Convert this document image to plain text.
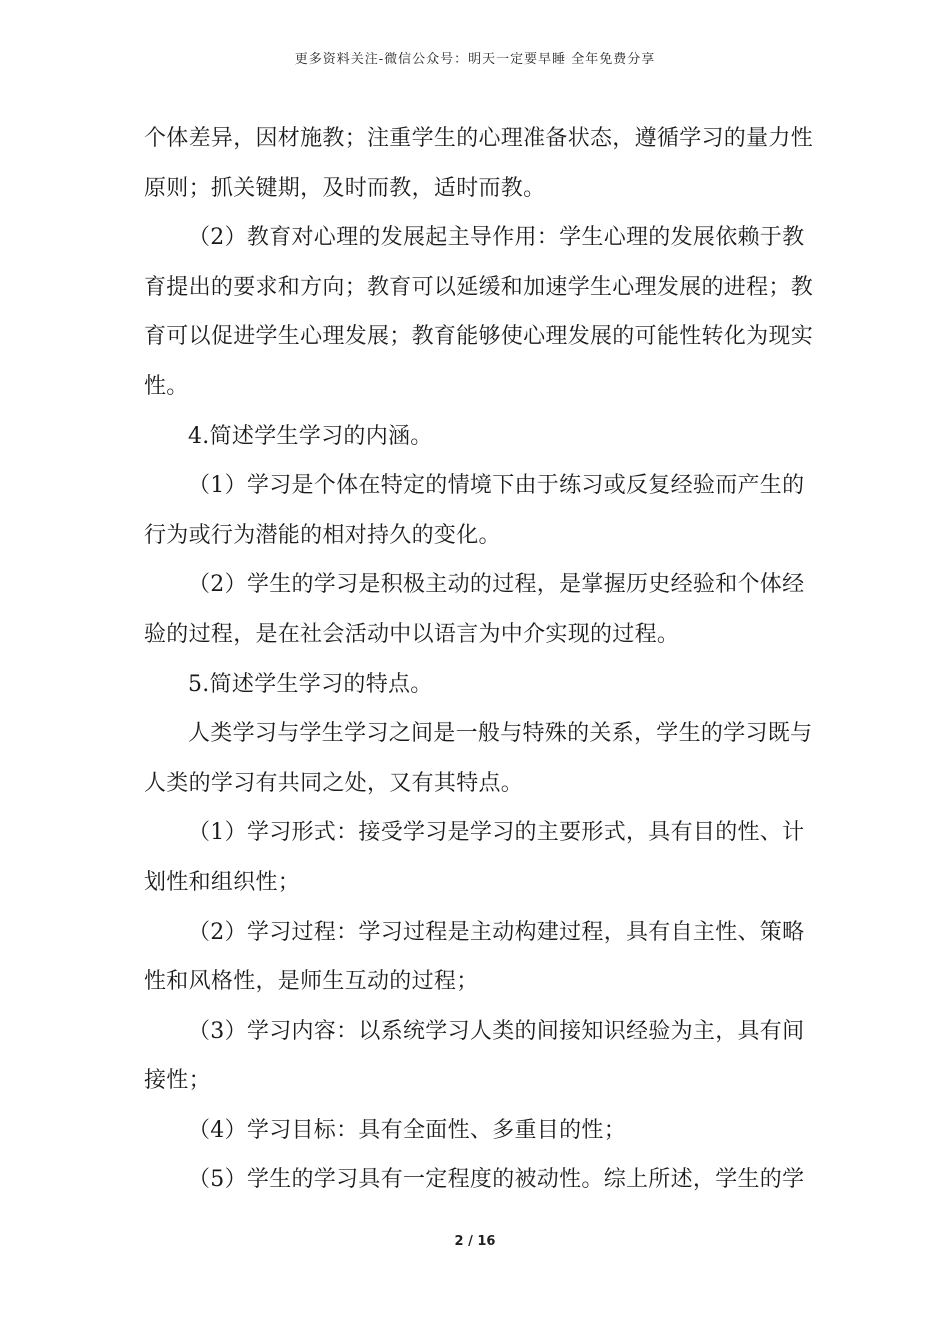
更多资料关注-微信公众号：明天一定要早睡 全年免费分享
个体差异，因材施教；注重学生的心理准备状态，遵循学习的量力性
原则；抓关键期，及时而教，适时而教。
（2）教育对心理的发展起主导作用：学生心理的发展依赖于教
育提出的要求和方向；教育可以延缓和加速学生心理发展的进程；教
育可以促进学生心理发展；教育能够使心理发展的可能性转化为现实
性。
4.简述学生学习的内涵。
（1）学习是个体在特定的情境下由于练习或反复经验而产生的
行为或行为潜能的相对持久的变化。
（2）学生的学习是积极主动的过程，是掌握历史经验和个体经
验的过程，是在社会活动中以语言为中介实现的过程。
5.简述学生学习的特点。
人类学习与学生学习之间是一般与特殊的关系，学生的学习既与
人类的学习有共同之处，又有其特点。
（1）学习形式：接受学习是学习的主要形式，具有目的性、计
划性和组织性；
（2）学习过程：学习过程是主动构建过程，具有自主性、策略
性和风格性，是师生互动的过程；
（3）学习内容：以系统学习人类的间接知识经验为主，具有间
接性；
（4）学习目标：具有全面性、多重目的性；
（5）学生的学习具有一定程度的被动性。综上所述，学生的学
2 / 16
